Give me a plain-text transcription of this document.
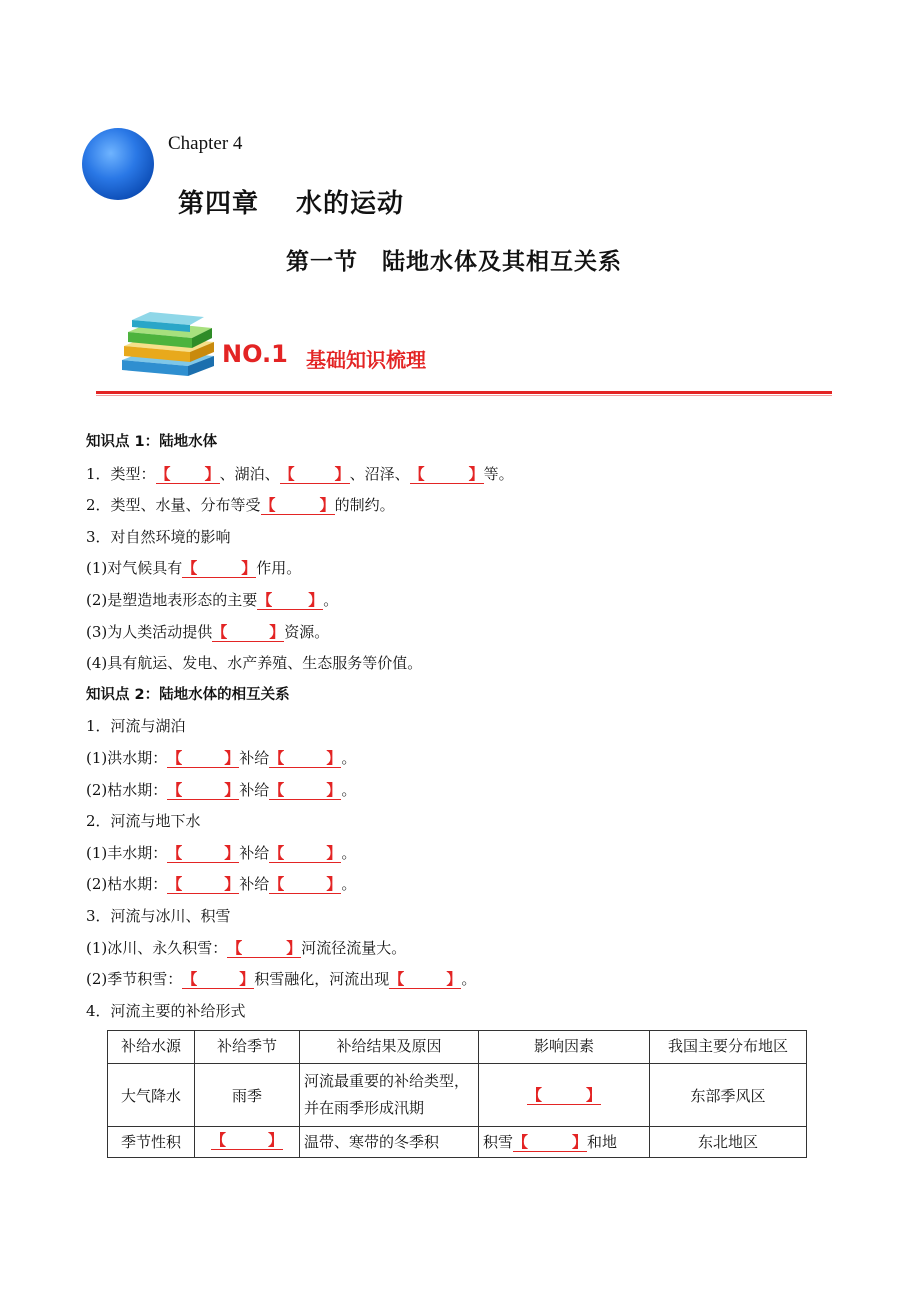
Chapter 4
第四章　 水的运动
第一节　陆地水体及其相互关系
NO.1 基础知识梳理
知识点 1：陆地水体
1．类型：【 】、湖泊、【	】、沼泽、【	】等。
2．类型、水量、分布等受【	】的制约。
3．对自然环境的影响
(1)对气候具有【	】作用。
(2)是塑造地表形态的主要【 】。
(3)为人类活动提供【	】资源。
(4)具有航运、发电、水产养殖、生态服务等价值。
知识点 2：陆地水体的相互关系
1．河流与湖泊
(1)洪水期：【	】补给【	】。
(2)枯水期：【	】补给【	】。
2．河流与地下水
(1)丰水期：【	】补给【	】。
(2)枯水期：【	】补给【	】。
3．河流与冰川、积雪
(1)冰川、永久积雪：【	】河流径流量大。
(2)季节积雪：【	】积雪融化，河流出现【	】。
4．河流主要的补给形式
补给水源	补给季节	补给结果及原因	影响因素	我国主要分布地区
大气降水	雨季	河流最重要的补给类型，并在雨季形成汛期	【 】	东部季风区
季节性积	【 】	温带、寒带的冬季积	积雪【 】和地	东北地区
